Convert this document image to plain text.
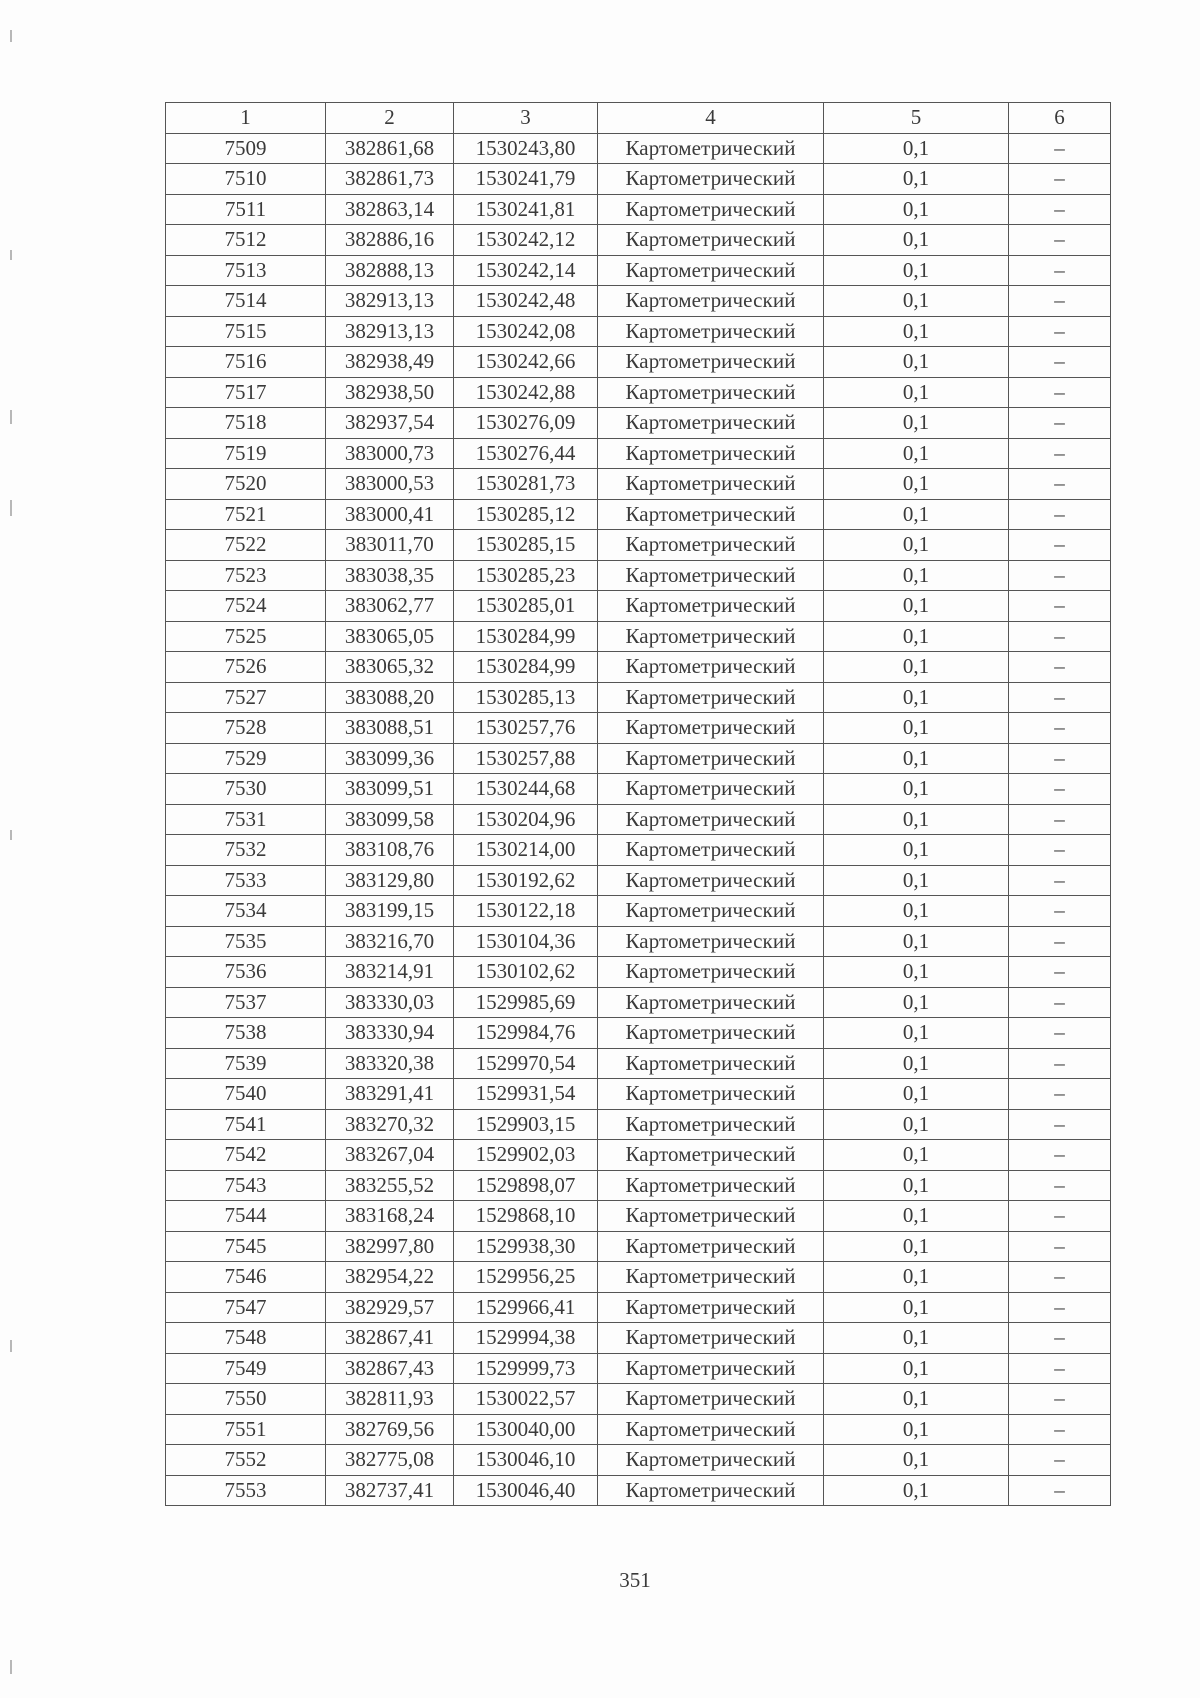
1	2	3	4	5	6
7509	382861,68	1530243,80	Картометрический	0,1	–
7510	382861,73	1530241,79	Картометрический	0,1	–
7511	382863,14	1530241,81	Картометрический	0,1	–
7512	382886,16	1530242,12	Картометрический	0,1	–
7513	382888,13	1530242,14	Картометрический	0,1	–
7514	382913,13	1530242,48	Картометрический	0,1	–
7515	382913,13	1530242,08	Картометрический	0,1	–
7516	382938,49	1530242,66	Картометрический	0,1	–
7517	382938,50	1530242,88	Картометрический	0,1	–
7518	382937,54	1530276,09	Картометрический	0,1	–
7519	383000,73	1530276,44	Картометрический	0,1	–
7520	383000,53	1530281,73	Картометрический	0,1	–
7521	383000,41	1530285,12	Картометрический	0,1	–
7522	383011,70	1530285,15	Картометрический	0,1	–
7523	383038,35	1530285,23	Картометрический	0,1	–
7524	383062,77	1530285,01	Картометрический	0,1	–
7525	383065,05	1530284,99	Картометрический	0,1	–
7526	383065,32	1530284,99	Картометрический	0,1	–
7527	383088,20	1530285,13	Картометрический	0,1	–
7528	383088,51	1530257,76	Картометрический	0,1	–
7529	383099,36	1530257,88	Картометрический	0,1	–
7530	383099,51	1530244,68	Картометрический	0,1	–
7531	383099,58	1530204,96	Картометрический	0,1	–
7532	383108,76	1530214,00	Картометрический	0,1	–
7533	383129,80	1530192,62	Картометрический	0,1	–
7534	383199,15	1530122,18	Картометрический	0,1	–
7535	383216,70	1530104,36	Картометрический	0,1	–
7536	383214,91	1530102,62	Картометрический	0,1	–
7537	383330,03	1529985,69	Картометрический	0,1	–
7538	383330,94	1529984,76	Картометрический	0,1	–
7539	383320,38	1529970,54	Картометрический	0,1	–
7540	383291,41	1529931,54	Картометрический	0,1	–
7541	383270,32	1529903,15	Картометрический	0,1	–
7542	383267,04	1529902,03	Картометрический	0,1	–
7543	383255,52	1529898,07	Картометрический	0,1	–
7544	383168,24	1529868,10	Картометрический	0,1	–
7545	382997,80	1529938,30	Картометрический	0,1	–
7546	382954,22	1529956,25	Картометрический	0,1	–
7547	382929,57	1529966,41	Картометрический	0,1	–
7548	382867,41	1529994,38	Картометрический	0,1	–
7549	382867,43	1529999,73	Картометрический	0,1	–
7550	382811,93	1530022,57	Картометрический	0,1	–
7551	382769,56	1530040,00	Картометрический	0,1	–
7552	382775,08	1530046,10	Картометрический	0,1	–
7553	382737,41	1530046,40	Картометрический	0,1	–
351
